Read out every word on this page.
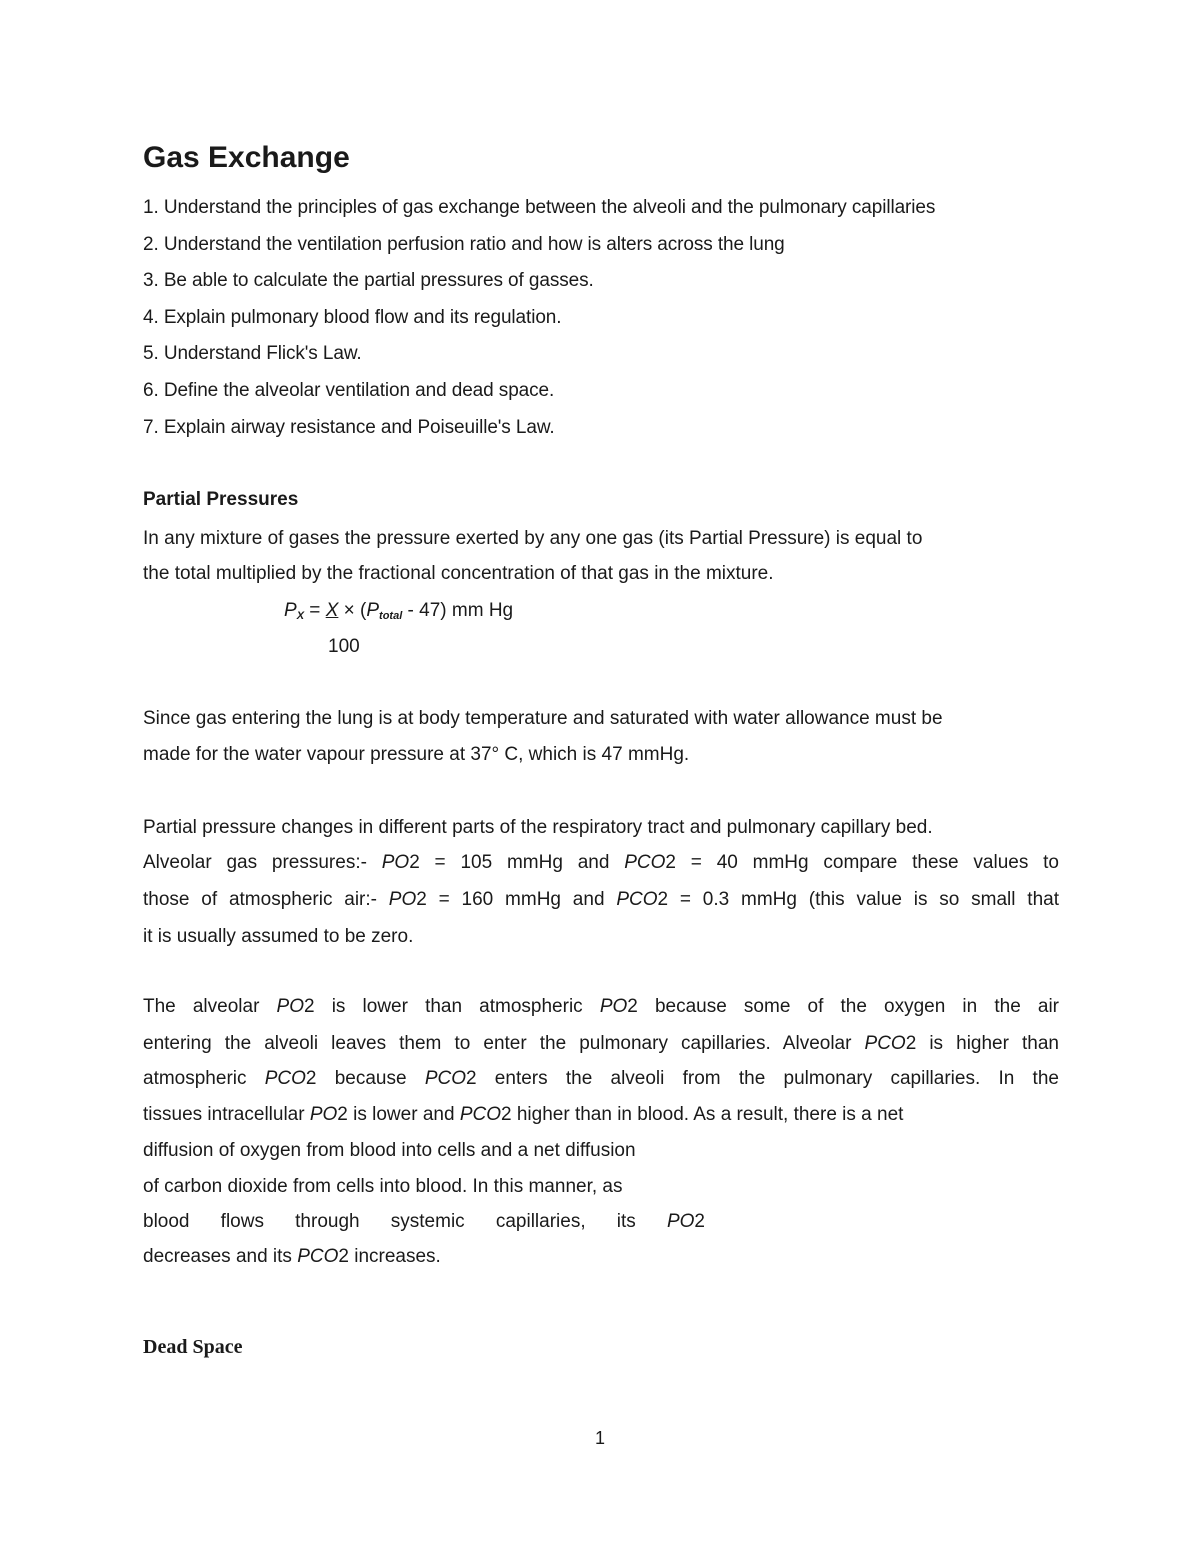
Gas Exchange
1. Understand the principles of gas exchange between the alveoli and the pulmonary capillaries
2. Understand the ventilation perfusion ratio and how is alters across the lung
3. Be able to calculate the partial pressures of gasses.
4. Explain pulmonary blood flow and its regulation.
5. Understand Flick's Law.
6. Define the alveolar ventilation and dead space.
7. Explain airway resistance and Poiseuille's Law.
Partial Pressures
In any mixture of gases the pressure exerted by any one gas (its Partial Pressure) is equal to
the total multiplied by the fractional concentration of that gas in the mixture.
$P_X = X \times (P_{total} - 47)$ mm Hg
100
Since gas entering the lung is at body temperature and saturated with water allowance must be
made for the water vapour pressure at 37° C, which is 47 mmHg.
Partial pressure changes in different parts of the respiratory tract and pulmonary capillary bed.
Alveolar gas pressures:- PO2 = 105 mmHg and PCO2 = 40 mmHg compare these values to
those of atmospheric air:- PO2 = 160 mmHg and PCO2 = 0.3 mmHg (this value is so small that
it is usually assumed to be zero.
The alveolar PO2 is lower than atmospheric PO2 because some of the oxygen in the air
entering the alveoli leaves them to enter the pulmonary capillaries. Alveolar PCO2 is higher than
atmospheric PCO2 because PCO2 enters the alveoli from the pulmonary capillaries. In the
tissues intracellular PO2 is lower and PCO2 higher than in blood. As a result, there is a net
diffusion of oxygen from blood into cells and a net diffusion
of carbon dioxide from cells into blood. In this manner, as
blood flows through systemic capillaries, its PO2
decreases and its PCO2 increases.
Dead Space
1
